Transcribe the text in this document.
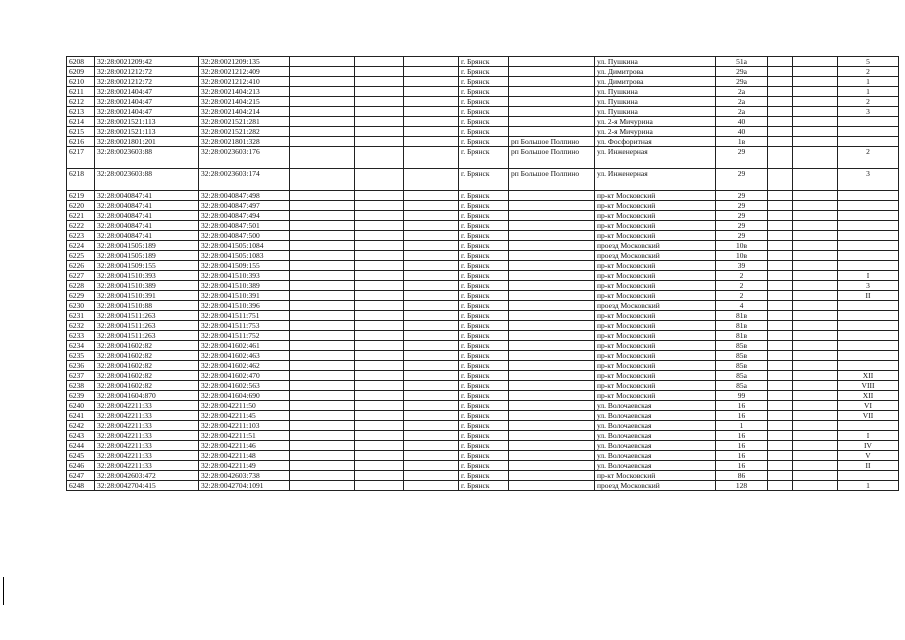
6208	32:28:0021209:42	32:28:0021209:135				г. Брянск		ул. Пушкина	51а			5
6209	32:28:0021212:72	32:28:0021212:409				г. Брянск		ул. Димитрова	29а			2
6210	32:28:0021212:72	32:28:0021212:410				г. Брянск		ул. Димитрова	29а			1
6211	32:28:0021404:47	32:28:0021404:213				г. Брянск		ул. Пушкина	2а			1
6212	32:28:0021404:47	32:28:0021404:215				г. Брянск		ул. Пушкина	2а			2
6213	32:28:0021404:47	32:28:0021404:214				г. Брянск		ул. Пушкина	2а			3
6214	32:28:0021521:113	32:28:0021521:281				г. Брянск		ул. 2-я Мичурина	40			
6215	32:28:0021521:113	32:28:0021521:282				г. Брянск		ул. 2-я Мичурина	40			
6216	32:28:0021801:201	32:28:0021801:328				г. Брянск	рп Большое Полпино	ул. Фосфоритная	1в			
6217	32:28:0023603:88	32:28:0023603:176				г. Брянск	рп Большое Полпино	ул. Инженерная	29			2
6218	32:28:0023603:88	32:28:0023603:174				г. Брянск	рп Большое Полпино	ул. Инженерная	29			3
6219	32:28:0040847:41	32:28:0040847:498				г. Брянск		пр-кт Московский	29			
6220	32:28:0040847:41	32:28:0040847:497				г. Брянск		пр-кт Московский	29			
6221	32:28:0040847:41	32:28:0040847:494				г. Брянск		пр-кт Московский	29			
6222	32:28:0040847:41	32:28:0040847:501				г. Брянск		пр-кт Московский	29			
6223	32:28:0040847:41	32:28:0040847:500				г. Брянск		пр-кт Московский	29			
6224	32:28:0041505:189	32:28:0041505:1084				г. Брянск		проезд Московский	10в			
6225	32:28:0041505:189	32:28:0041505:1083				г. Брянск		проезд Московский	10в			
6226	32:28:0041509:155	32:28:0041509:155				г. Брянск		пр-кт Московский	39			
6227	32:28:0041510:393	32:28:0041510:393				г. Брянск		пр-кт Московский	2			I
6228	32:28:0041510:389	32:28:0041510:389				г. Брянск		пр-кт Московский	2			3
6229	32:28:0041510:391	32:28:0041510:391				г. Брянск		пр-кт Московский	2			II
6230	32:28:0041510:88	32:28:0041510:396				г. Брянск		проезд Московский	4			
6231	32:28:0041511:263	32:28:0041511:751				г. Брянск		пр-кт Московский	81в			
6232	32:28:0041511:263	32:28:0041511:753				г. Брянск		пр-кт Московский	81в			
6233	32:28:0041511:263	32:28:0041511:752				г. Брянск		пр-кт Московский	81в			
6234	32:28:0041602:82	32:28:0041602:461				г. Брянск		пр-кт Московский	85в			
6235	32:28:0041602:82	32:28:0041602:463				г. Брянск		пр-кт Московский	85в			
6236	32:28:0041602:82	32:28:0041602:462				г. Брянск		пр-кт Московский	85в			
6237	32:28:0041602:82	32:28:0041602:470				г. Брянск		пр-кт Московский	85а			XII
6238	32:28:0041602:82	32:28:0041602:563				г. Брянск		пр-кт Московский	85а			VIII
6239	32:28:0041604:870	32:28:0041604:690				г. Брянск		пр-кт Московский	99			XII
6240	32:28:0042211:33	32:28:0042211:50				г. Брянск		ул. Волочаевская	16			VI
6241	32:28:0042211:33	32:28:0042211:45				г. Брянск		ул. Волочаевская	16			VII
6242	32:28:0042211:33	32:28:0042211:103				г. Брянск		ул. Волочаевская	1			
6243	32:28:0042211:33	32:28:0042211:51				г. Брянск		ул. Волочаевская	16			I
6244	32:28:0042211:33	32:28:0042211:46				г. Брянск		ул. Волочаевская	16			IV
6245	32:28:0042211:33	32:28:0042211:48				г. Брянск		ул. Волочаевская	16			V
6246	32:28:0042211:33	32:28:0042211:49				г. Брянск		ул. Волочаевская	16			II
6247	32:28:0042603:472	32:28:0042603:738				г. Брянск		пр-кт Московский	86			
6248	32:28:0042704:415	32:28:0042704:1091				г. Брянск		проезд Московский	128			1
